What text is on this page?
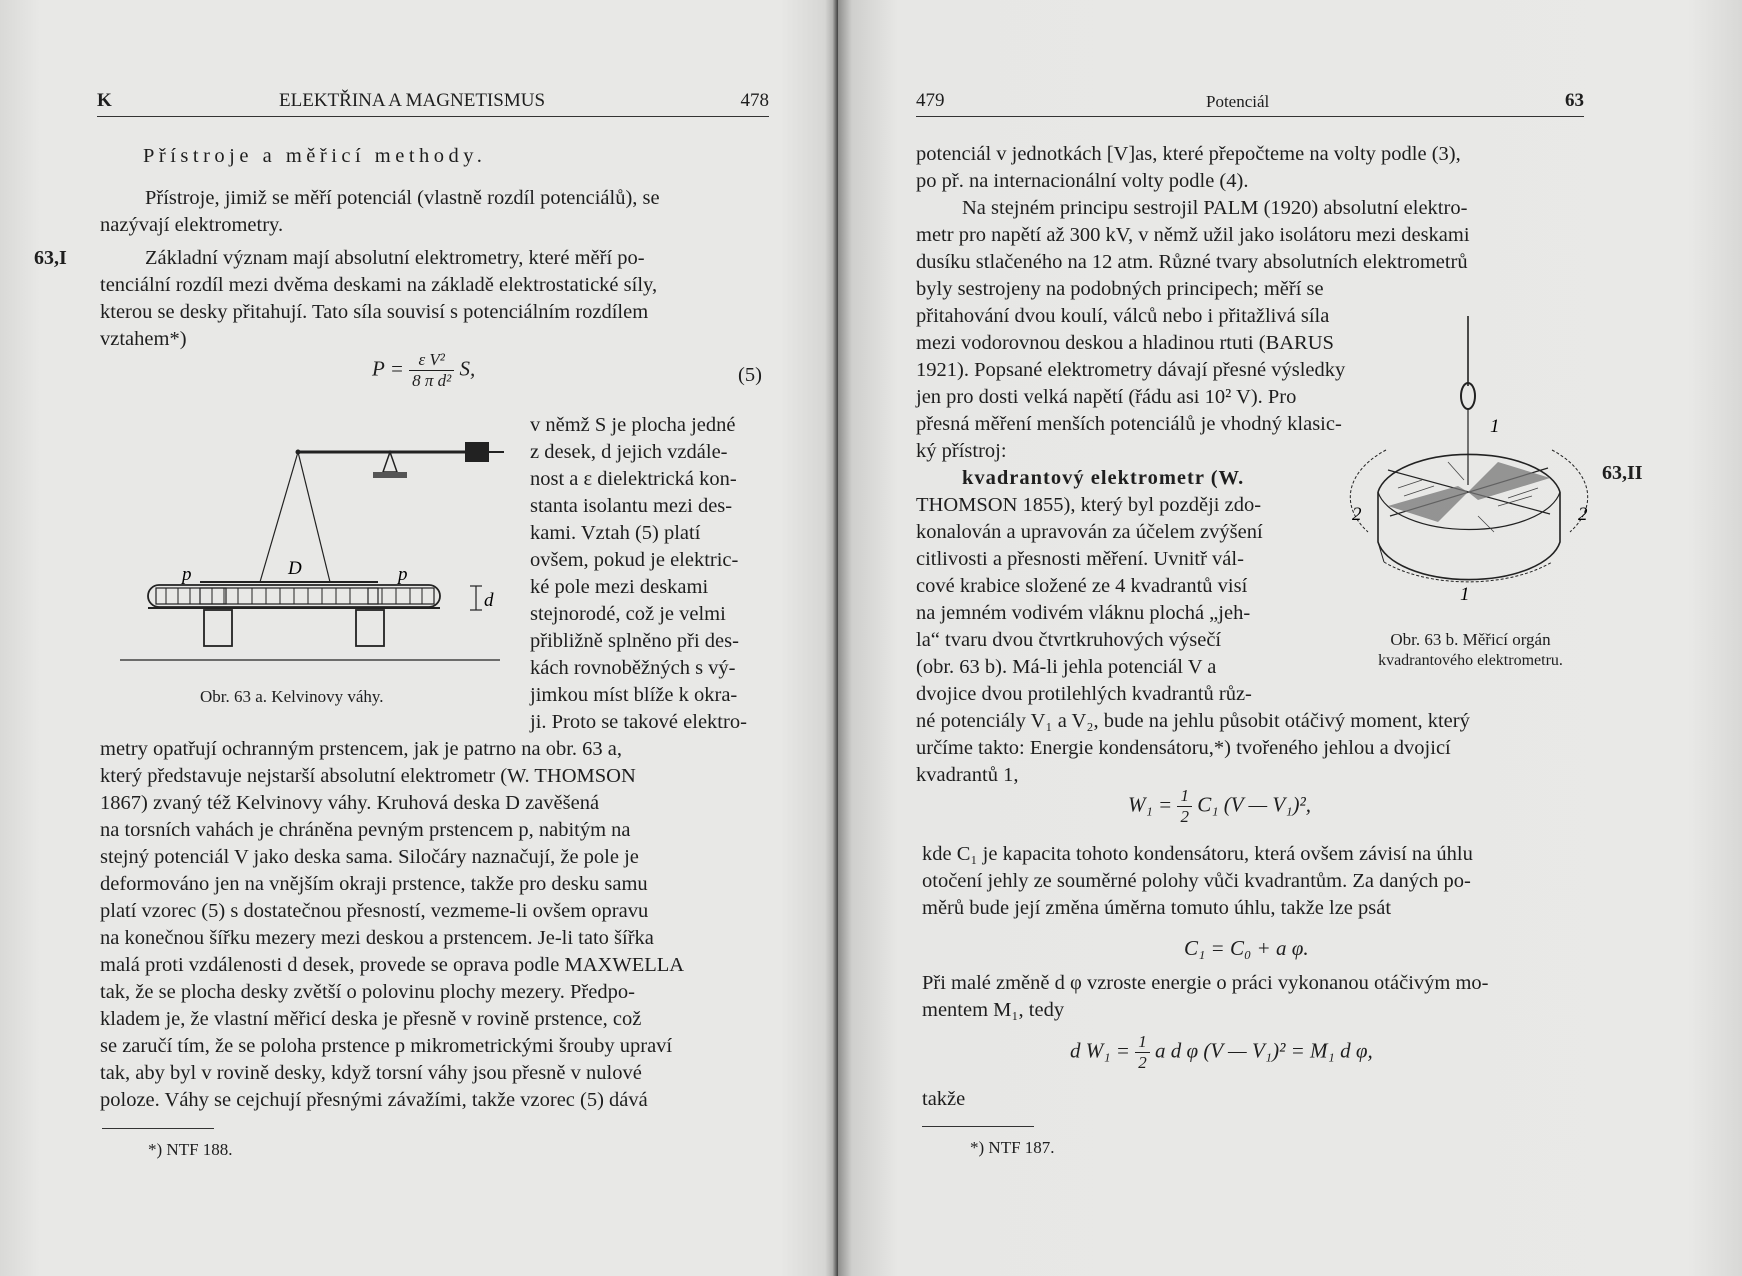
K	ELEKTŘINA A MAGNETISMUS	478
Přístroje a měřicí methody.
63,I
Přístroje, jimiž se měří potenciál (vlastně rozdíl potenciálů), se
nazývají elektrometry.
Základní význam mají absolutní elektrometry, které měří po-
tenciální rozdíl mezi dvěma deskami na základě elektrostatické síly,
kterou se desky přitahují. Tato síla souvisí s potenciálním rozdílem
vztahem*)
$P = \frac{\text{ε V²}}{\text{8 π d²}} S$,	(5)
p	D	p
d
Obr. 63 a. Kelvinovy váhy.
v němž S je plocha jedné
z desek, d jejich vzdále-
nost a ε dielektrická kon-
stanta isolantu mezi des-
kami. Vztah (5) platí
ovšem, pokud je elektric-
ké pole mezi deskami
stejnorodé, což je velmi
přibližně splněno při des-
kách rovnoběžných s vý-
jimkou míst blíže k okra-
ji. Proto se takové elektro-
metry opatřují ochranným prstencem, jak je patrno na obr. 63 a,
který představuje nejstarší absolutní elektrometr (W. THOMSON
1867) zvaný též Kelvinovy váhy. Kruhová deska D zavěšená
na torsních vahách je chráněna pevným prstencem p, nabitým na
stejný potenciál V jako deska sama. Siločáry naznačují, že pole je
deformováno jen na vnějším okraji prstence, takže pro desku samu
platí vzorec (5) s dostatečnou přesností, vezmeme-li ovšem opravu
na konečnou šířku mezery mezi deskou a prstencem. Je-li tato šířka
malá proti vzdálenosti d desek, provede se oprava podle MAXWELLA
tak, že se plocha desky zvětší o polovinu plochy mezery. Předpo-
kladem je, že vlastní měřicí deska je přesně v rovině prstence, což
se zaručí tím, že se poloha prstence p mikrometrickými šrouby upraví
tak, aby byl v rovině desky, když torsní váhy jsou přesně v nulové
poloze. Váhy se cejchují přesnými závažími, takže vzorec (5) dává
*) NTF 188.
479	Potenciál	63
potenciál v jednotkách [V]as, které přepočteme na volty podle (3),
po př. na internacionální volty podle (4).
Na stejném principu sestrojil PALM (1920) absolutní elektro-
metr pro napětí až 300 kV, v němž užil jako isolátoru mezi deskami
dusíku stlačeného na 12 atm. Různé tvary absolutních elektrometrů
byly sestrojeny na podobných principech; měří se
přitahování dvou koulí, válců nebo i přitažlivá síla
mezi vodorovnou deskou a hladinou rtuti (BARUS
1921). Popsané elektrometry dávají přesné výsledky
jen pro dosti velká napětí (řádu asi 10² V). Pro
přesná měření menších potenciálů je vhodný klasic-
ký přístroj:
kvadrantový elektrometr (W.
THOMSON 1855), který byl později zdo-
konalován a upravován za účelem zvýšení
citlivosti a přesnosti měření. Uvnitř vál-
cové krabice složené ze 4 kvadrantů visí
na jemném vodivém vláknu plochá „jeh-
la“ tvaru dvou čtvrtkruhových výsečí
(obr. 63 b). Má-li jehla potenciál V a
dvojice dvou protilehlých kvadrantů růz-
63,II
1
2	2
1
Obr. 63 b. Měřicí orgán
kvadrantového elektrometru.
né potenciály V₁ a V₂, bude na jehlu působit otáčivý moment, který
určíme takto: Energie kondensátoru,*) tvořeného jehlou a dvojicí
kvadrantů 1,
$W_1 = \frac{1}{2} C_1$ (V — V₁)²,
kde C₁ je kapacita tohoto kondensátoru, která ovšem závisí na úhlu
otočení jehly ze souměrné polohy vůči kvadrantům. Za daných po-
měrů bude její změna úměrna tomuto úhlu, takže lze psát
C₁ = C₀ + a φ.
Při malé změně d φ vzroste energie o práci vykonanou otáčivým mo-
mentem M₁, tedy
d $W_1 = \frac{1}{2}$ a d φ (V — V₁)² = M₁ d φ,
takže
*) NTF 187.
